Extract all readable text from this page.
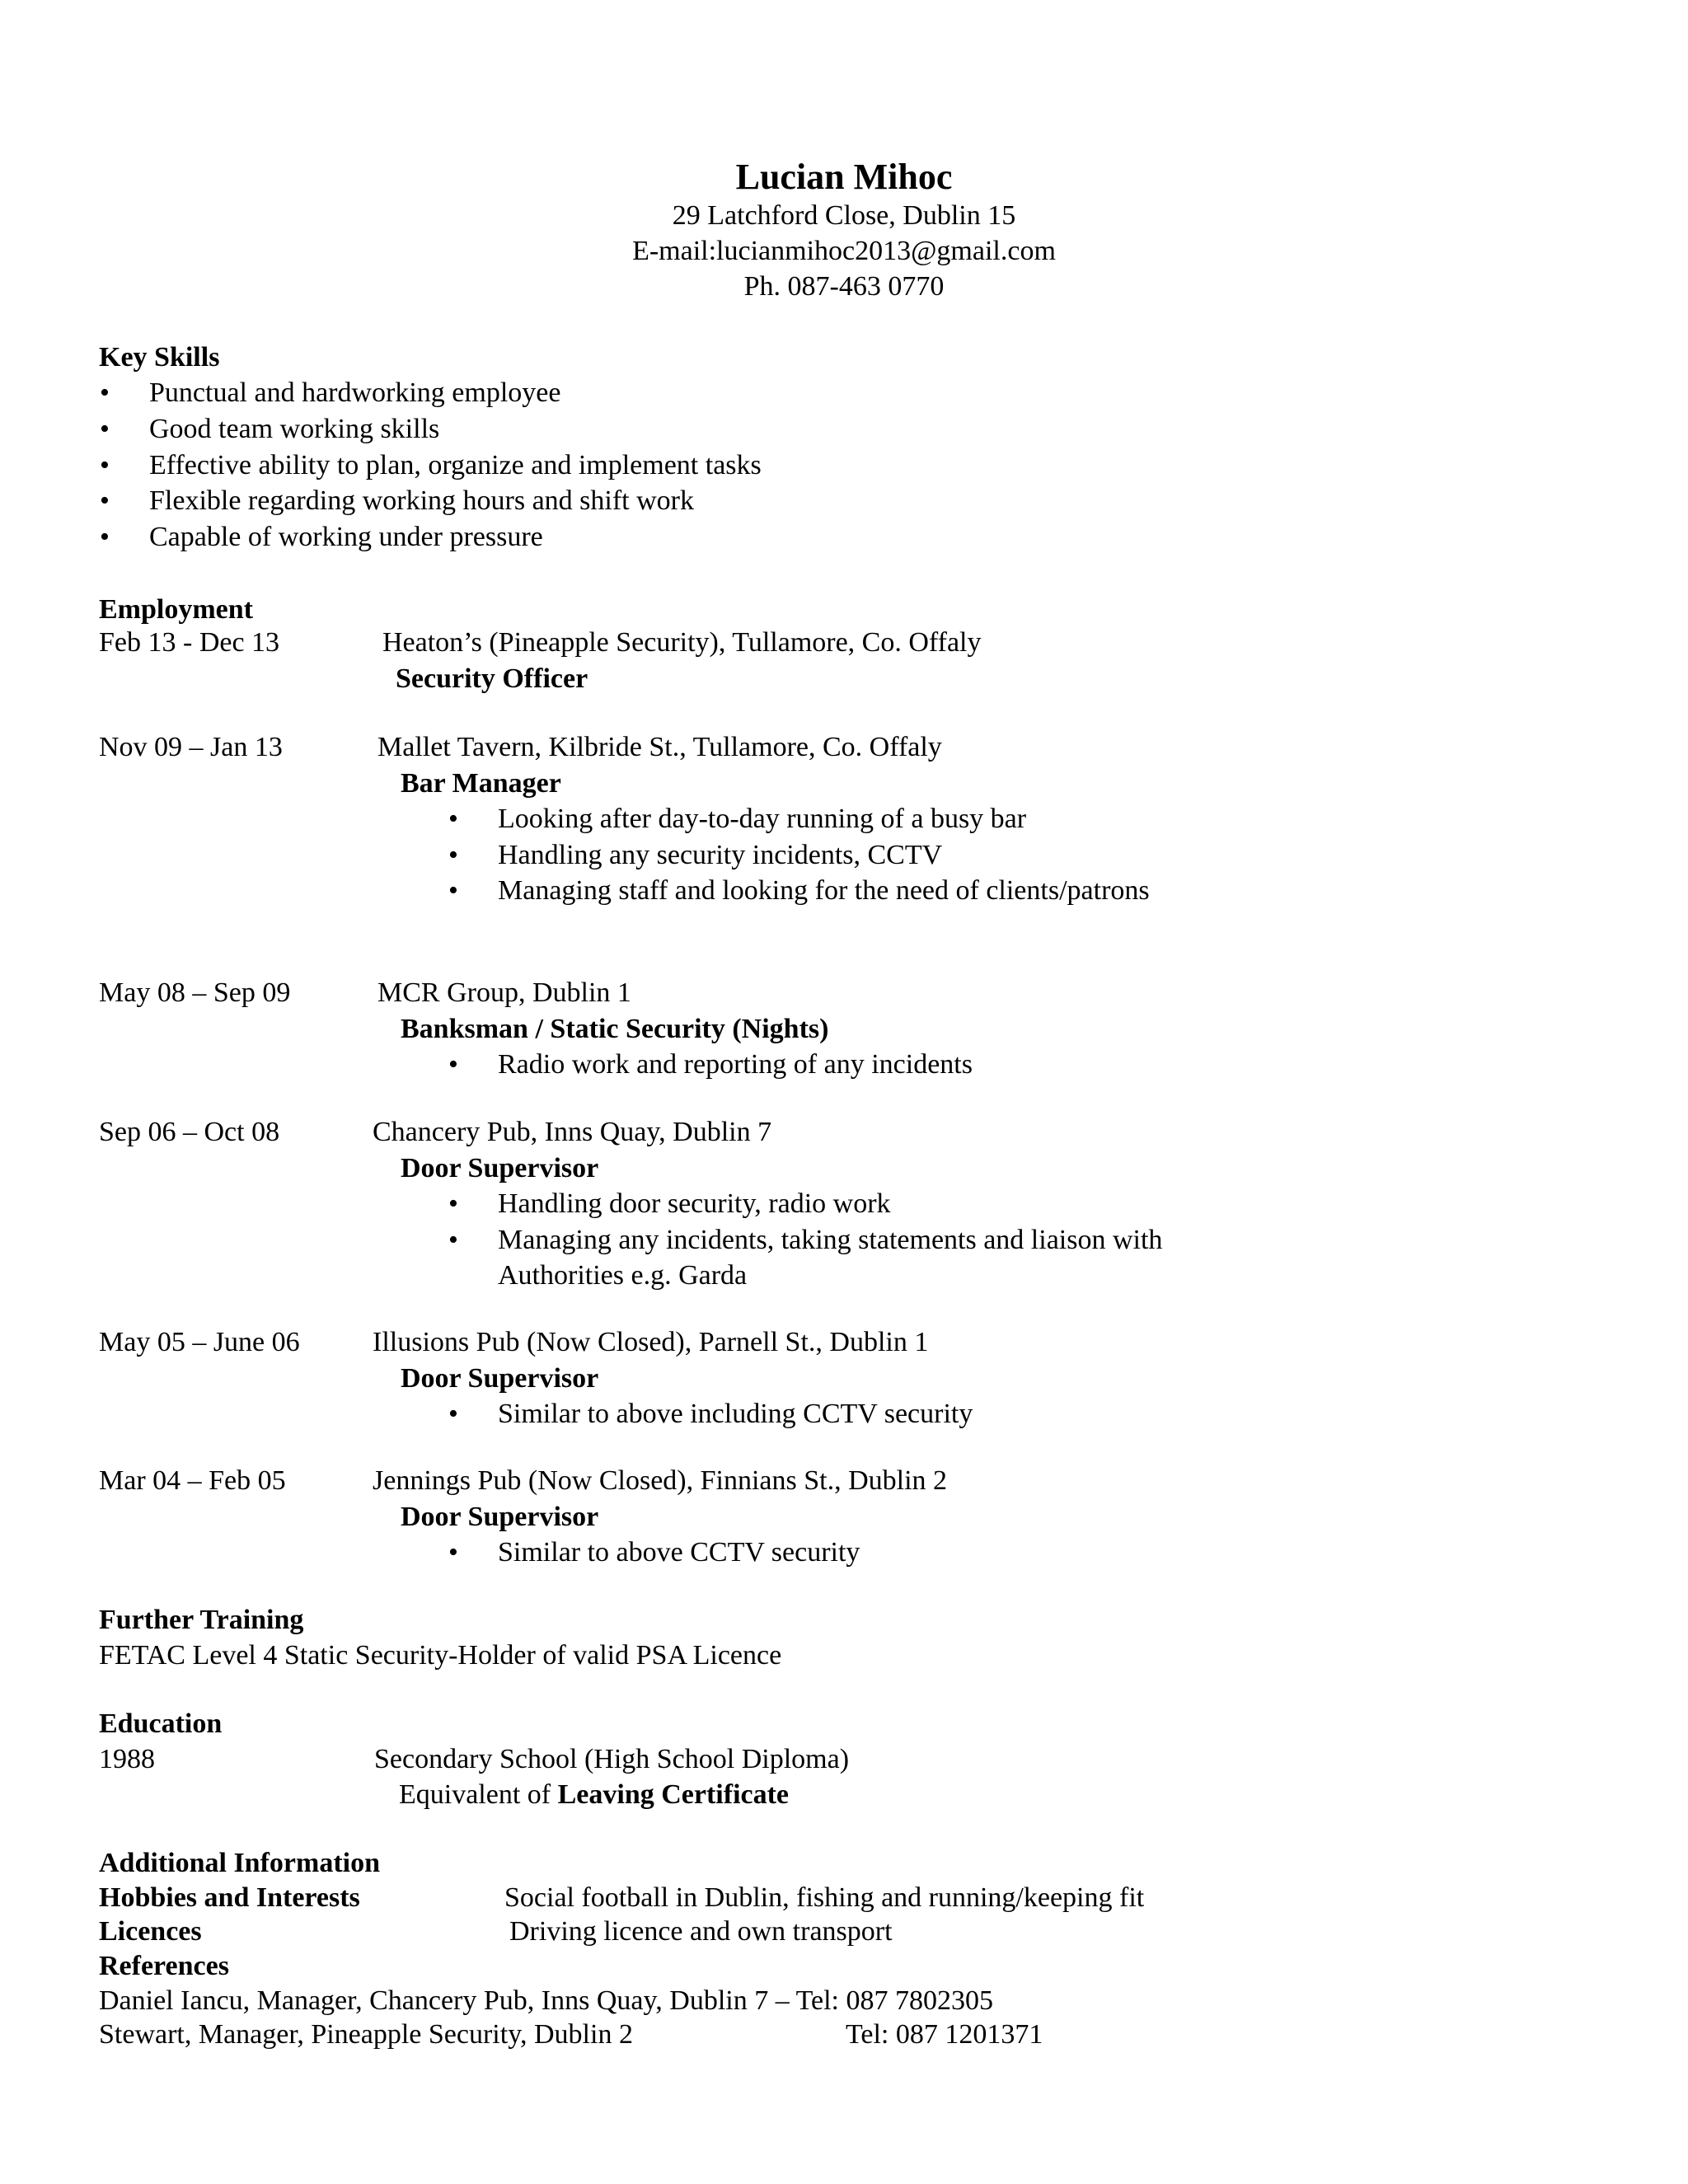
Lucian Mihoc
29 Latchford Close, Dublin 15
E-mail:lucianmihoc2013@gmail.com
Ph. 087-463 0770
Key Skills
• Punctual and hardworking employee
• Good team working skills
• Effective ability to plan, organize and implement tasks
• Flexible regarding working hours and shift work
• Capable of working under pressure
Employment
Feb 13 - Dec 13	Heaton’s (Pineapple Security), Tullamore, Co. Offaly
Security Officer
Nov 09 – Jan 13	Mallet Tavern, Kilbride St., Tullamore, Co. Offaly
Bar Manager
• Looking after day-to-day running of a busy bar
• Handling any security incidents, CCTV
• Managing staff and looking for the need of clients/patrons
May 08 – Sep 09	MCR Group, Dublin 1
Banksman / Static Security (Nights)
• Radio work and reporting of any incidents
Sep 06 – Oct 08	Chancery Pub, Inns Quay, Dublin 7
Door Supervisor
• Handling door security, radio work
• Managing any incidents, taking statements and liaison with
Authorities e.g. Garda
May 05 – June 06	Illusions Pub (Now Closed), Parnell St., Dublin 1
Door Supervisor
• Similar to above including CCTV security
Mar 04 – Feb 05	Jennings Pub (Now Closed), Finnians St., Dublin 2
Door Supervisor
• Similar to above CCTV security
Further Training
FETAC Level 4 Static Security-Holder of valid PSA Licence
Education
1988	Secondary School (High School Diploma)
Equivalent of Leaving Certificate
Additional Information
Hobbies and Interests	Social football in Dublin, fishing and running/keeping fit
Licences	Driving licence and own transport
References
Daniel Iancu, Manager, Chancery Pub, Inns Quay, Dublin 7 – Tel: 087 7802305
Stewart, Manager, Pineapple Security, Dublin 2	Tel: 087 1201371
